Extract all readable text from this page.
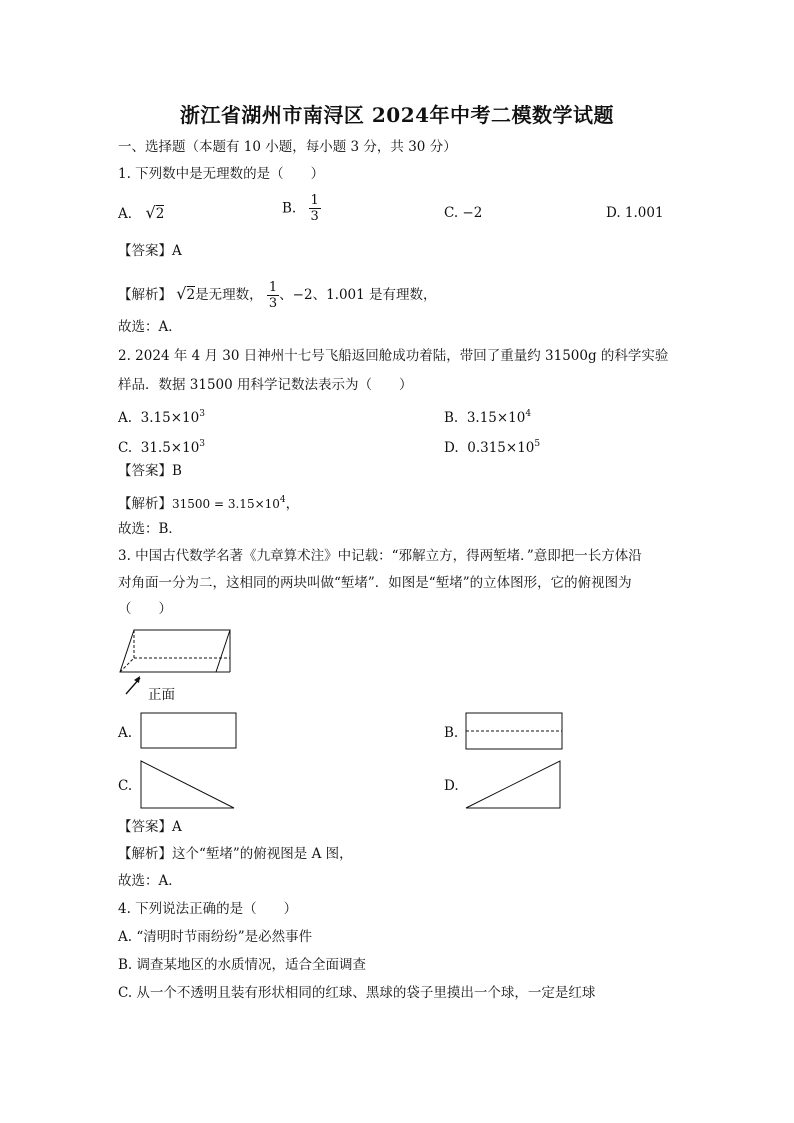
浙江省湖州市南浔区 2024年中考二模数学试题
一、选择题（本题有 10 小题，每小题 3 分，共 30 分）
1. 下列数中是无理数的是（　　）
A． √2	B. $\frac{1}{3}$	C. −2	D. 1.001
【答案】A
【解析】 √2是无理数， $\frac{1}{3}$ 、−2、1.001 是有理数，
故选：A．
2. 2024 年 4 月 30 日神州十七号飞船返回舱成功着陆，带回了重量约 31500g 的科学实验
样品．数据 31500 用科学记数法表示为（　　）
A. $3.15\times 10^3$	B. $3.15\times 10^4$
C. $31.5\times 10^3$	D. $0.315\times 10^5$
【答案】B
【解析】$31500 = 3.15\times 10^4$，
故选：B．
3. 中国古代数学名著《九章算术注》中记载：“邪解立方，得两堑堵．”意即把一长方体沿
对角面一分为二，这相同的两块叫做“堑堵”．如图是“堑堵”的立体图形，它的俯视图为
（　　）
正面
A.	B.
C.	D.
【答案】A
【解析】这个“堑堵”的俯视图是 A 图，
故选：A．
4. 下列说法正确的是（　　）
A. “清明时节雨纷纷”是必然事件
B. 调查某地区的水质情况，适合全面调查
C. 从一个不透明且装有形状相同的红球、黑球的袋子里摸出一个球，一定是红球
